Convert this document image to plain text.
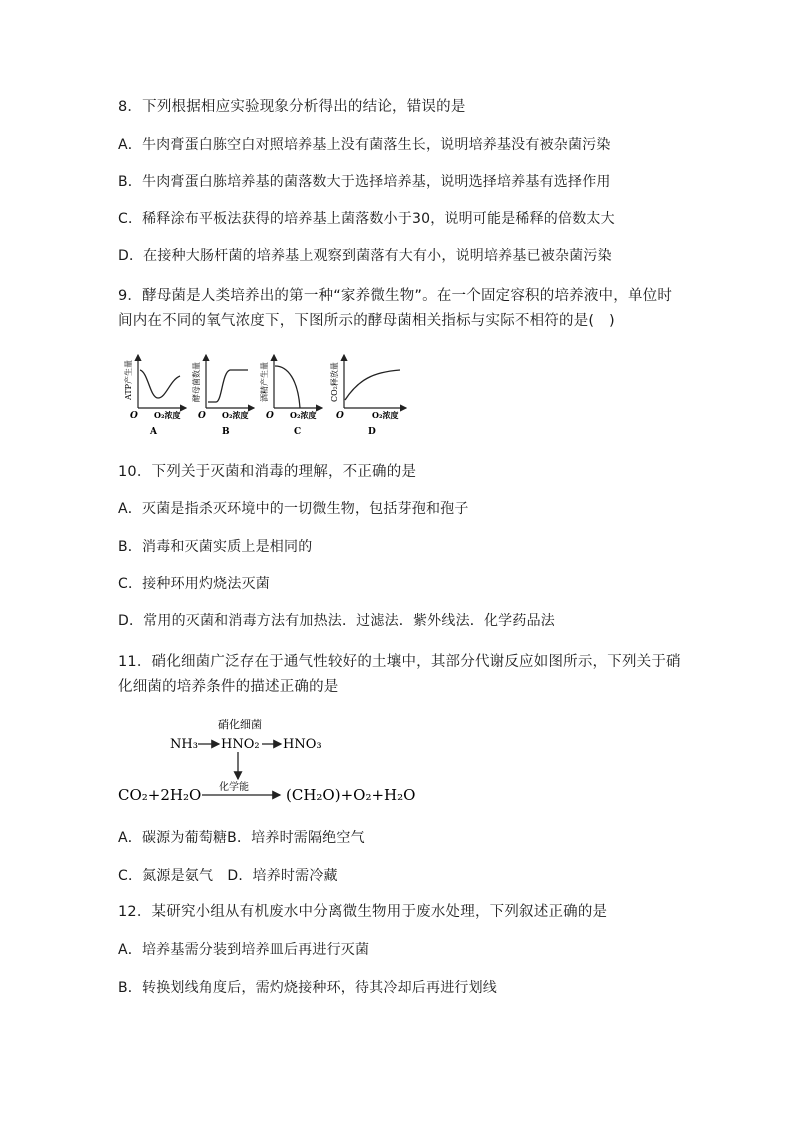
8．下列根据相应实验现象分析得出的结论，错误的是
A．牛肉膏蛋白胨空白对照培养基上没有菌落生长，说明培养基没有被杂菌污染
B．牛肉膏蛋白胨培养基的菌落数大于选择培养基，说明选择培养基有选择作用
C．稀释涂布平板法获得的培养基上菌落数小于30，说明可能是稀释的倍数太大
D．在接种大肠杆菌的培养基上观察到菌落有大有小，说明培养基已被杂菌污染
9．酵母菌是人类培养出的第一种“家养微生物”。在一个固定容积的培养液中，单位时
间内在不同的氧气浓度下，下图所示的酵母菌相关指标与实际不相符的是(　)
ATP产生量
O O₂浓度
A
酵母菌数量
O O₂浓度
B
酒精产生量
O O₂浓度
C
CO₂释放量
O	O₂浓度
D
10．下列关于灭菌和消毒的理解，不正确的是
A．灭菌是指杀灭环境中的一切微生物，包括芽孢和孢子
B．消毒和灭菌实质上是相同的
C．接种环用灼烧法灭菌
D．常用的灭菌和消毒方法有加热法．过滤法．紫外线法．化学药品法
11．硝化细菌广泛存在于通气性较好的土壤中，其部分代谢反应如图所示，下列关于硝
化细菌的培养条件的描述正确的是
硝化细菌
NH₃ HNO₂ HNO₃
CO₂+2H₂O 化学能 (CH₂O)+O₂+H₂O
A．碳源为葡萄糖B．培养时需隔绝空气
C．氮源是氨气　D．培养时需冷藏
12．某研究小组从有机废水中分离微生物用于废水处理，下列叙述正确的是
A．培养基需分装到培养皿后再进行灭菌
B．转换划线角度后，需灼烧接种环，待其冷却后再进行划线
